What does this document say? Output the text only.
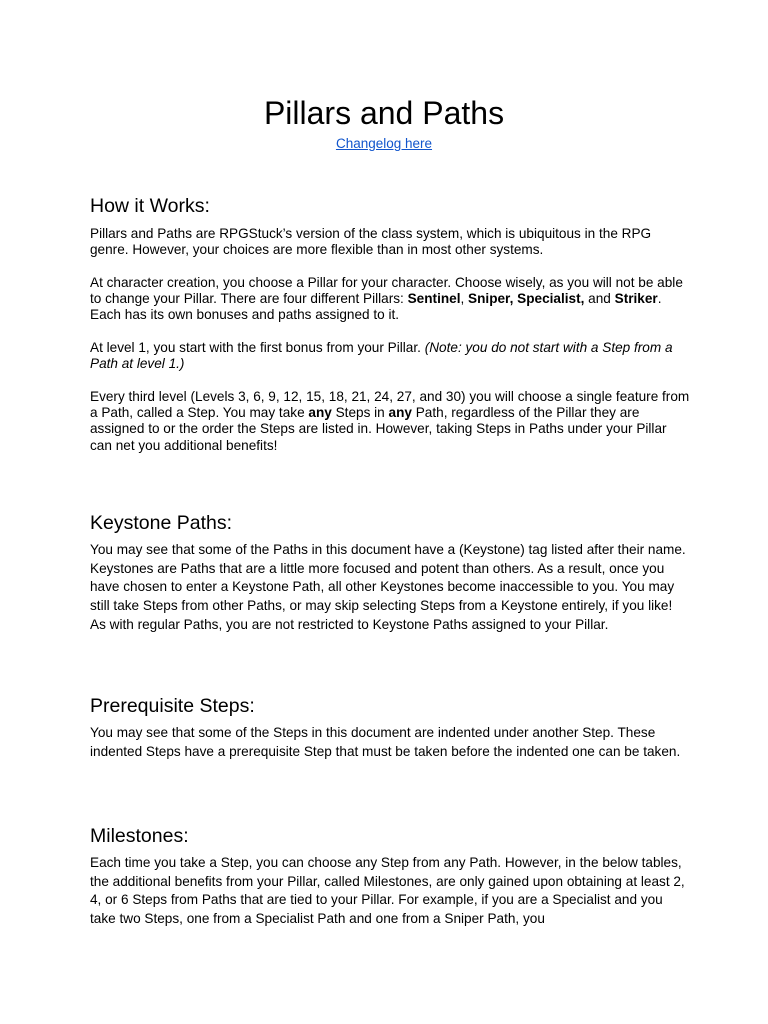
Pillars and Paths
Changelog here
How it Works:

Pillars and Paths are RPGStuck’s version of the class system, which is ubiquitous in the RPG genre. However, your choices are more flexible than in most other systems.

At character creation, you choose a Pillar for your character. Choose wisely, as you will not be able to change your Pillar. There are four different Pillars: Sentinel, Sniper, Specialist, and Striker. Each has its own bonuses and paths assigned to it.

At level 1, you start with the first bonus from your Pillar. (Note: you do not start with a Step from a Path at level 1.)

Every third level (Levels 3, 6, 9, 12, 15, 18, 21, 24, 27, and 30) you will choose a single feature from a Path, called a Step. You may take any Steps in any Path, regardless of the Pillar they are assigned to or the order the Steps are listed in. However, taking Steps in Paths under your Pillar can net you additional benefits!

Keystone Paths:

You may see that some of the Paths in this document have a (Keystone) tag listed after their name. Keystones are Paths that are a little more focused and potent than others. As a result, once you have chosen to enter a Keystone Path, all other Keystones become inaccessible to you. You may still take Steps from other Paths, or may skip selecting Steps from a Keystone entirely, if you like! As with regular Paths, you are not restricted to Keystone Paths assigned to your Pillar.

Prerequisite Steps:

You may see that some of the Steps in this document are indented under another Step. These indented Steps have a prerequisite Step that must be taken before the indented one can be taken.

Milestones:

Each time you take a Step, you can choose any Step from any Path. However, in the below tables, the additional benefits from your Pillar, called Milestones, are only gained upon obtaining at least 2, 4, or 6 Steps from Paths that are tied to your Pillar. For example, if you are a Specialist and you take two Steps, one from a Specialist Path and one from a Sniper Path, you
